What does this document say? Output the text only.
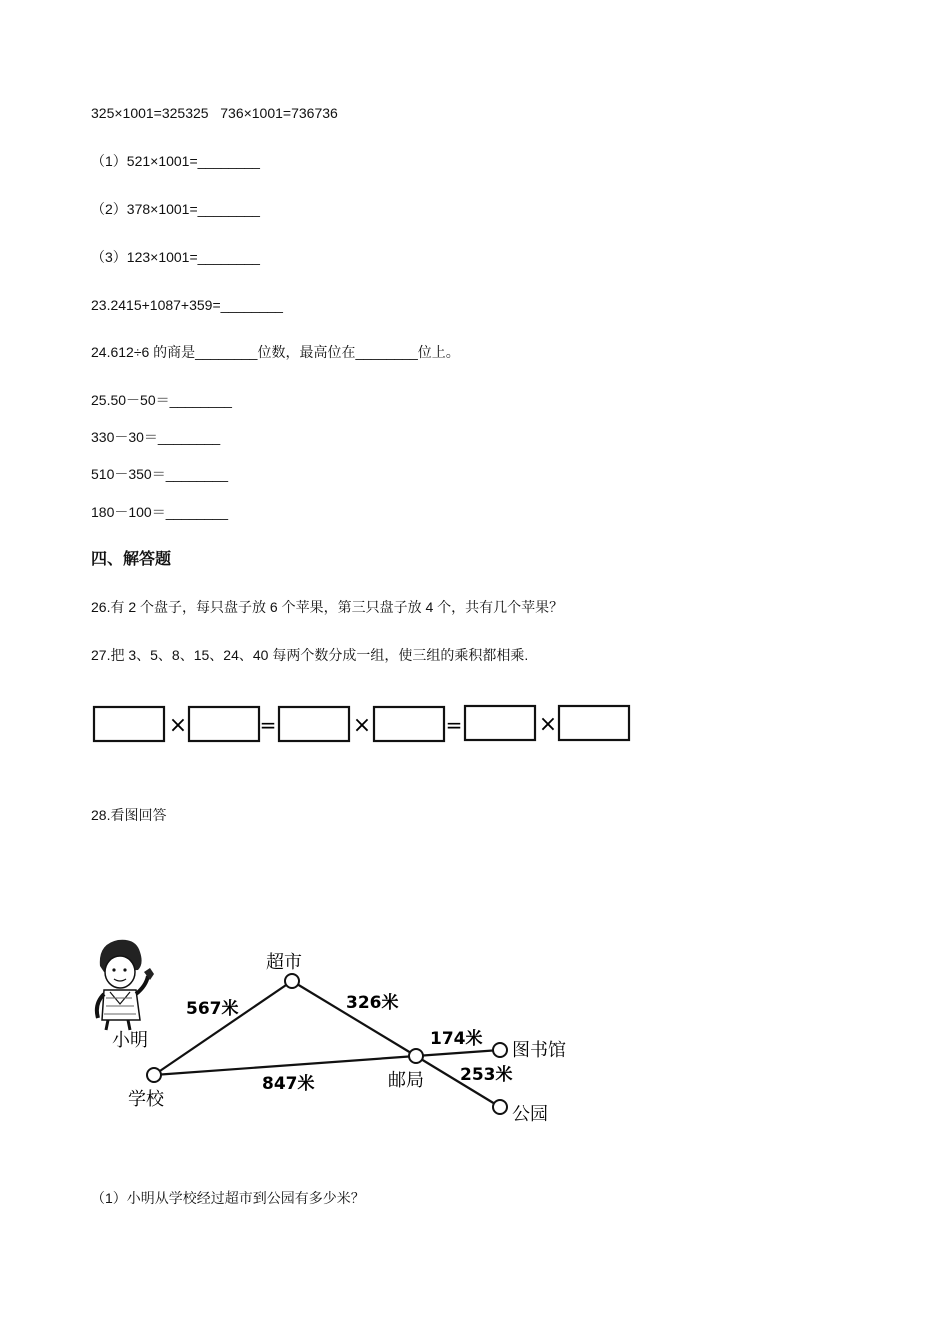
325×1001=325325   736×1001=736736
（1）521×1001=________
（2）378×1001=________
（3）123×1001=________
23.2415+1087+359=________
24.612÷6 的商是________位数，最高位在________位上。
25.50－50＝________
330－30＝________
510－350＝________
180－100＝________
四、解答题
26.有 2 个盘子，每只盘子放 6 个苹果，第三只盘子放 4 个，共有几个苹果？
27.把 3、5、8、15、24、40 每两个数分成一组，使三组的乘积都相乘.
×	=	×	=	×
28.看图回答
小明
学校
超市
邮局
图书馆
公园
567米	326米
847米
174米
253米
（1）小明从学校经过超市到公园有多少米？
